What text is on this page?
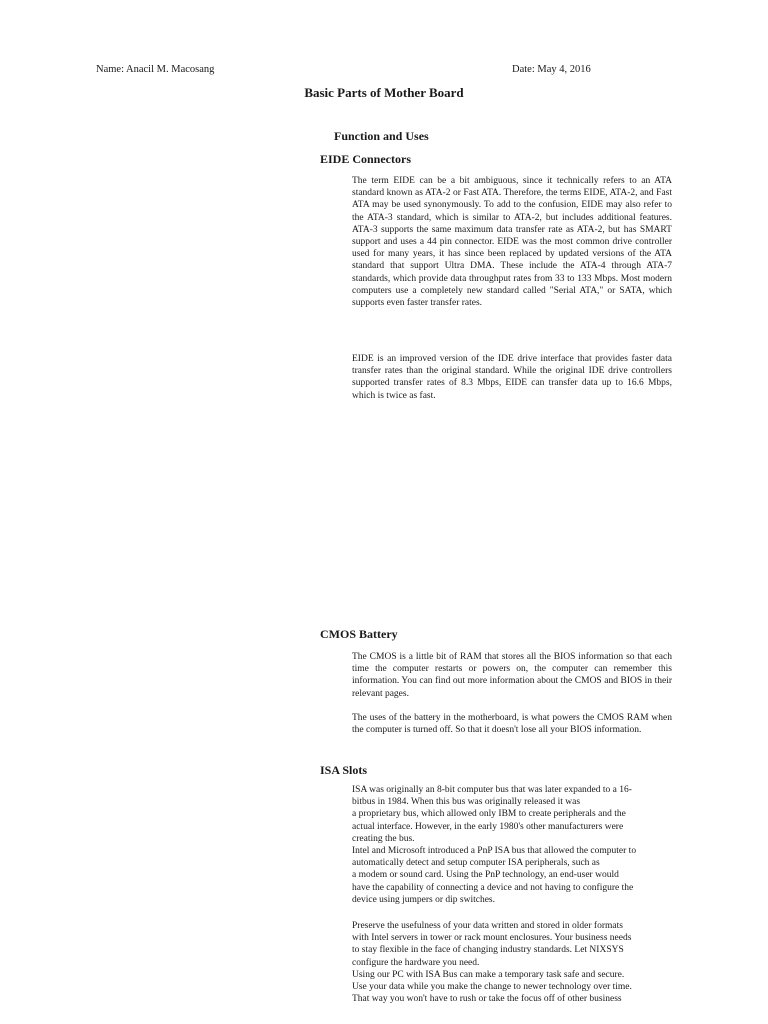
Name: Anacil M. Macosang	Date: May 4, 2016
Basic Parts of Mother Board
Function and Uses
EIDE Connectors
The term EIDE can be a bit ambiguous, since it technically refers to an ATA standard known as ATA-2 or Fast ATA. Therefore, the terms EIDE, ATA-2, and Fast ATA may be used synonymously. To add to the confusion, EIDE may also refer to the ATA-3 standard, which is similar to ATA-2, but includes additional features. ATA-3 supports the same maximum data transfer rate as ATA-2, but has SMART support and uses a 44 pin connector. EIDE was the most common drive controller used for many years, it has since been replaced by updated versions of the ATA standard that support Ultra DMA. These include the ATA-4 through ATA-7 standards, which provide data throughput rates from 33 to 133 Mbps. Most modern computers use a completely new standard called "Serial ATA," or SATA, which supports even faster transfer rates.
EIDE is an improved version of the IDE drive interface that provides faster data transfer rates than the original standard. While the original IDE drive controllers supported transfer rates of 8.3 Mbps, EIDE can transfer data up to 16.6 Mbps, which is twice as fast.
CMOS Battery
The CMOS is a little bit of RAM that stores all the BIOS information so that each time the computer restarts or powers on, the computer can remember this information. You can find out more information about the CMOS and BIOS in their relevant pages.
The uses of the battery in the motherboard, is what powers the CMOS RAM when the computer is turned off. So that it doesn't lose all your BIOS information.
ISA Slots
ISA was originally an 8-bit computer bus that was later expanded to a 16-
bitbus in 1984. When this bus was originally released it was
a proprietary bus, which allowed only IBM to create peripherals and the
actual interface. However, in the early 1980's other manufacturers were
creating the bus.
Intel and Microsoft introduced a PnP ISA bus that allowed the computer to
automatically detect and setup computer ISA peripherals, such as
a modem or sound card. Using the PnP technology, an end-user would
have the capability of connecting a device and not having to configure the
device using jumpers or dip switches.
Preserve the usefulness of your data written and stored in older formats
with Intel servers in tower or rack mount enclosures. Your business needs
to stay flexible in the face of changing industry standards. Let NIXSYS
configure the hardware you need.
Using our PC with ISA Bus can make a temporary task safe and secure.
Use your data while you make the change to newer technology over time.
That way you won't have to rush or take the focus off of other business
